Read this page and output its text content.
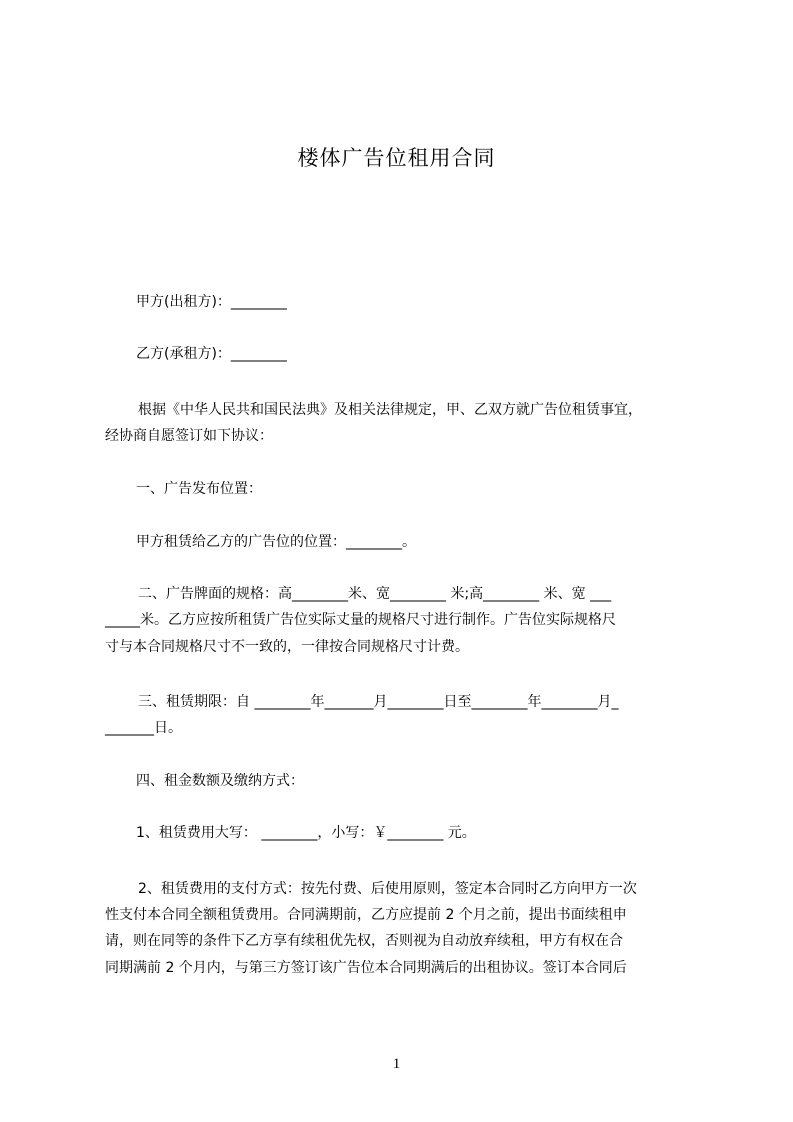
楼体广告位租用合同
甲方(出租方)：________
乙方(承租方)：________
根据《中华人民共和国民法典》及相关法律规定，甲、乙双方就广告位租赁事宜，
经协商自愿签订如下协议：
一、广告发布位置：
甲方租赁给乙方的广告位的位置：________。
二、广告牌面的规格：高________米、宽________ 米;高________ 米、宽 ___
_____米。乙方应按所租赁广告位实际丈量的规格尺寸进行制作。广告位实际规格尺
寸与本合同规格尺寸不一致的，一律按合同规格尺寸计费。
三、租赁期限：自 ________年_______月________日至________年________月_
_______日。
四、租金数额及缴纳方式：
1、租赁费用大写： ________，小写：￥________ 元。
2、租赁费用的支付方式：按先付费、后使用原则，签定本合同时乙方向甲方一次
性支付本合同全额租赁费用。合同满期前，乙方应提前 2 个月之前，提出书面续租申
请，则在同等的条件下乙方享有续租优先权，否则视为自动放弃续租，甲方有权在合
同期满前 2 个月内，与第三方签订该广告位本合同期满后的出租协议。签订本合同后
1
